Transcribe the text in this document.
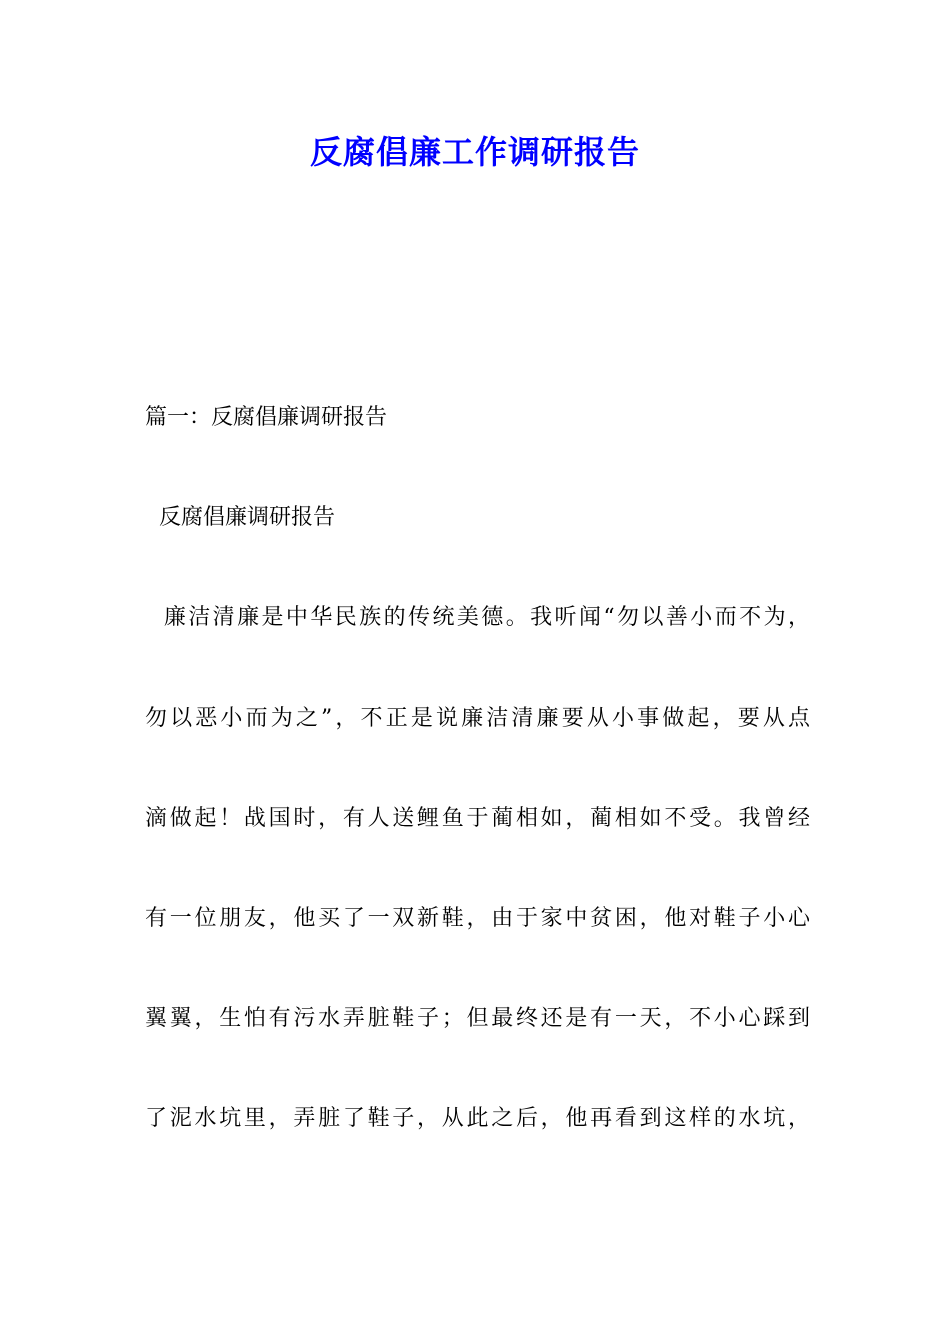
反腐倡廉工作调研报告
篇一：反腐倡廉调研报告
反腐倡廉调研报告
廉洁清廉是中华民族的传统美德。我听闻“勿以善小而不为，
勿以恶小而为之”，不正是说廉洁清廉要从小事做起，要从点
滴做起！战国时，有人送鲤鱼于蔺相如，蔺相如不受。我曾经
有一位朋友，他买了一双新鞋，由于家中贫困，他对鞋子小心
翼翼，生怕有污水弄脏鞋子；但最终还是有一天，不小心踩到
了泥水坑里，弄脏了鞋子，从此之后，他再看到这样的水坑，
